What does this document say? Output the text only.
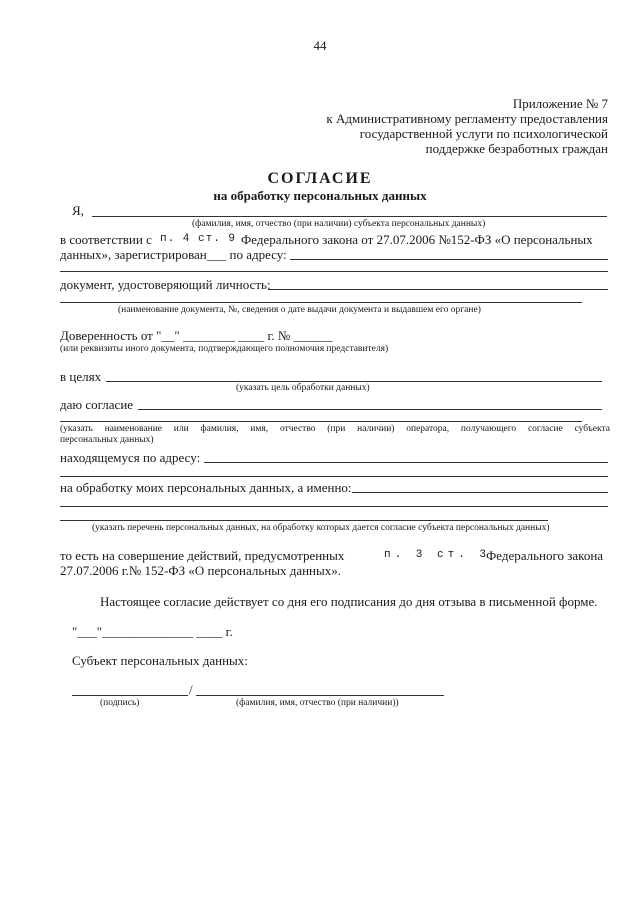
44
Приложение № 7
к Административному регламенту предоставления
государственной услуги по психологической
поддержке безработных граждан
СОГЛАСИЕ
на обработку персональных данных
Я,
(фамилия, имя, отчество (при наличии) субъекта персональных данных)
в соответствии с п. 4 ст. 9 Федерального закона от 27.07.2006 №152-ФЗ «О персональных
данных», зарегистрирован___ по адресу:
документ, удостоверяющий личность:
(наименование документа, №, сведения о дате выдачи документа и выдавшем его органе)
Доверенность от "__" ________ ____ г. № ______
(или реквизиты иного документа, подтверждающего полномочия представителя)
в целях
(указать цель обработки данных)
даю согласие
(указать наименование или фамилия, имя, отчество (при наличии) оператора, получающего согласие субъекта
персональных данных)
находящемуся по адресу:
на обработку моих персональных данных, а именно:
(указать перечень персональных данных, на обработку которых дается согласие субъекта персональных данных)
то есть на совершение действий, предусмотренных	п. 3 ст. 3
Федерального закона
27.07.2006 г.№ 152-ФЗ «О персональных данных».
Настоящее согласие действует со дня его подписания до дня отзыва в письменной форме.
"___"______________ ____ г.
Субъект персональных данных:
/
(подпись)	(фамилия, имя, отчество (при наличии))
